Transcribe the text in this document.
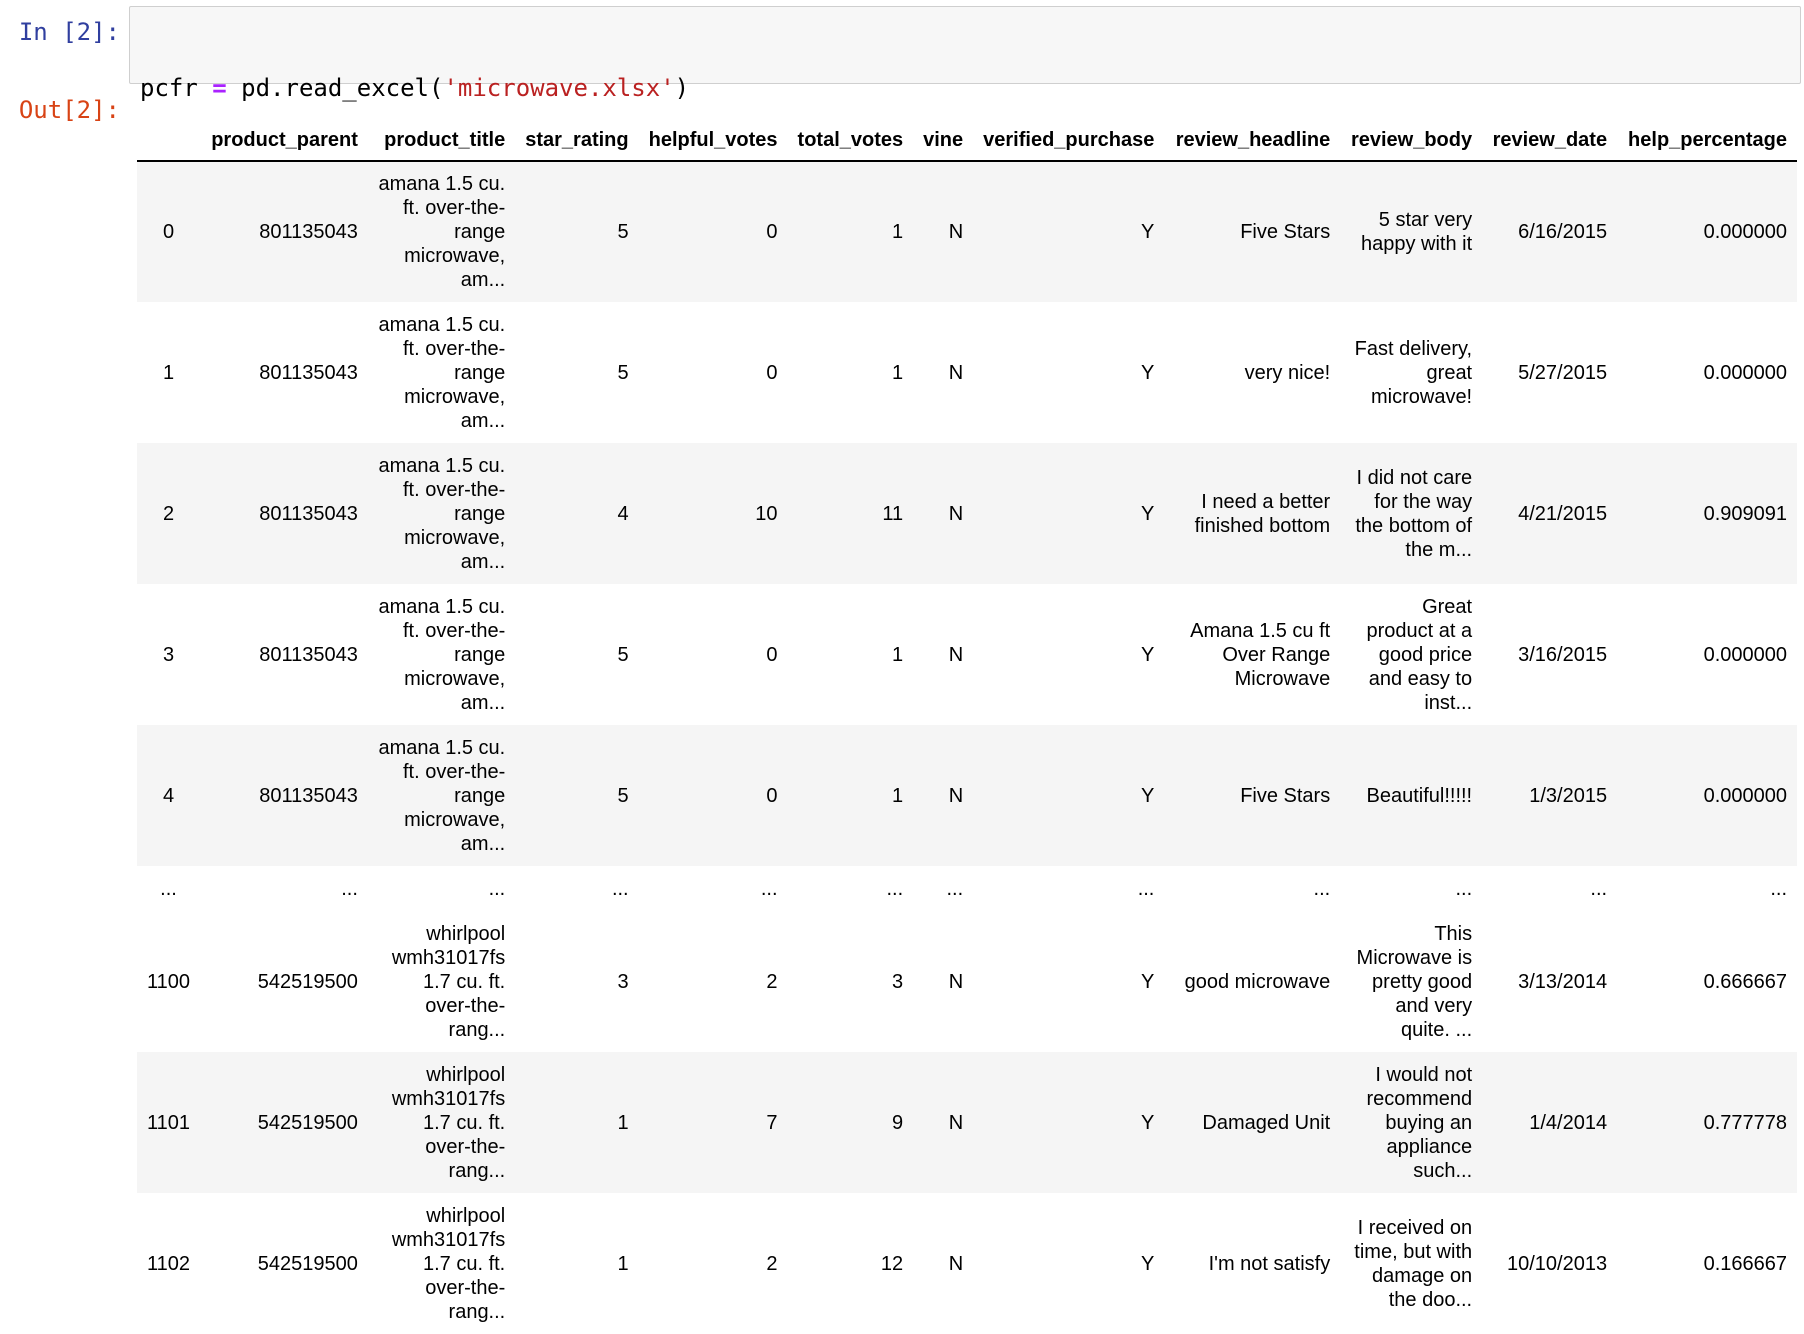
In [2]:

pcfr = pd.read_excel('microwave.xlsx')

pcfr

Out[2]:
	product_parent	product_title	star_rating	helpful_votes	total_votes	vine	verified_purchase	review_headline	review_body	review_date	help_percentage
0	801135043	amana 1.5 cu. ft. over-the-range microwave, am...	5	0	1	N	Y	Five Stars	5 star very happy with it	6/16/2015	0.000000
1	801135043	amana 1.5 cu. ft. over-the-range microwave, am...	5	0	1	N	Y	very nice!	Fast delivery, great microwave!	5/27/2015	0.000000
2	801135043	amana 1.5 cu. ft. over-the-range microwave, am...	4	10	11	N	Y	I need a better finished bottom	I did not care for the way the bottom of the m...	4/21/2015	0.909091
3	801135043	amana 1.5 cu. ft. over-the-range microwave, am...	5	0	1	N	Y	Amana 1.5 cu ft Over Range Microwave	Great product at a good price and easy to inst...	3/16/2015	0.000000
4	801135043	amana 1.5 cu. ft. over-the-range microwave, am...	5	0	1	N	Y	Five Stars	Beautiful!!!!!	1/3/2015	0.000000
...	...	...	...	...	...	...	...	...	...	...	...
1100	542519500	whirlpool wmh31017fs 1.7 cu. ft. over-the-rang...	3	2	3	N	Y	good microwave	This Microwave is pretty good and very quite. ...	3/13/2014	0.666667
1101	542519500	whirlpool wmh31017fs 1.7 cu. ft. over-the-rang...	1	7	9	N	Y	Damaged Unit	I would not recommend buying an appliance such...	1/4/2014	0.777778
1102	542519500	whirlpool wmh31017fs 1.7 cu. ft. over-the-rang...	1	2	12	N	Y	I'm not satisfy	I received on time, but with damage on the doo...	10/10/2013	0.166667
